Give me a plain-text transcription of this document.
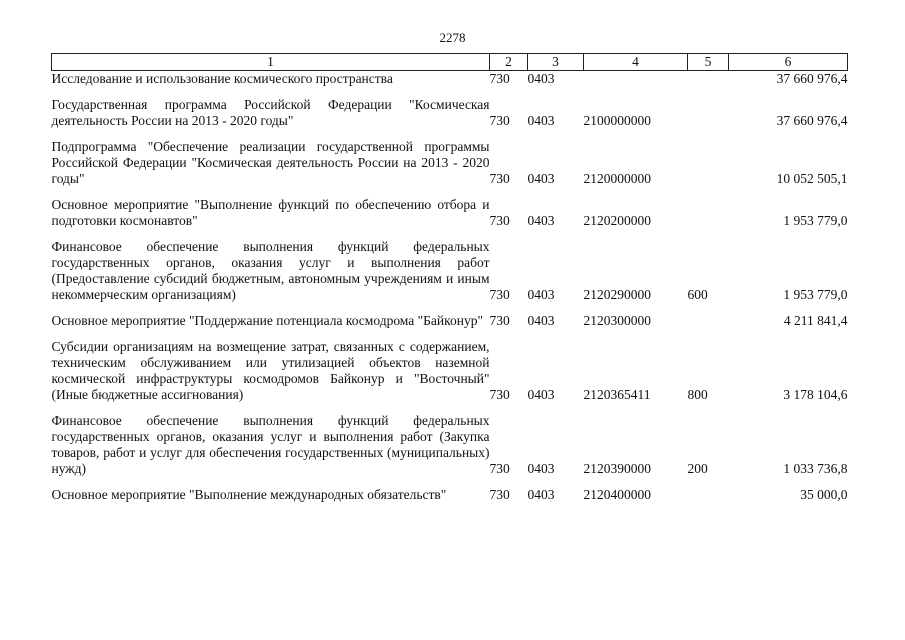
2278
1	2	3	4	5	6
Исследование и использование космического пространства	730	0403			37 660 976,4
Государственная программа Российской Федерации "Космическая деятельность России на 2013 - 2020 годы"	730	0403	2100000000		37 660 976,4
Подпрограмма "Обеспечение реализации государственной программы Российской Федерации "Космическая деятельность России на 2013 - 2020 годы"	730	0403	2120000000		10 052 505,1
Основное мероприятие "Выполнение функций по обеспечению отбора и подготовки космонавтов"	730	0403	2120200000		1 953 779,0
Финансовое обеспечение выполнения функций федеральных государственных органов, оказания услуг и выполнения работ (Предоставление субсидий бюджетным, автономным учреждениям и иным некоммерческим организациям)	730	0403	2120290000	600	1 953 779,0
Основное мероприятие "Поддержание потенциала космодрома "Байконур"	730	0403	2120300000		4 211 841,4
Субсидии организациям на возмещение затрат, связанных с содержанием, техническим обслуживанием или утилизацией объектов наземной космической инфраструктуры космодромов Байконур и "Восточный" (Иные бюджетные ассигнования)	730	0403	2120365411	800	3 178 104,6
Финансовое обеспечение выполнения функций федеральных государственных органов, оказания услуг и выполнения работ (Закупка товаров, работ и услуг для обеспечения государственных (муниципальных) нужд)	730	0403	2120390000	200	1 033 736,8
Основное мероприятие "Выполнение международных обязательств"	730	0403	2120400000		35 000,0
